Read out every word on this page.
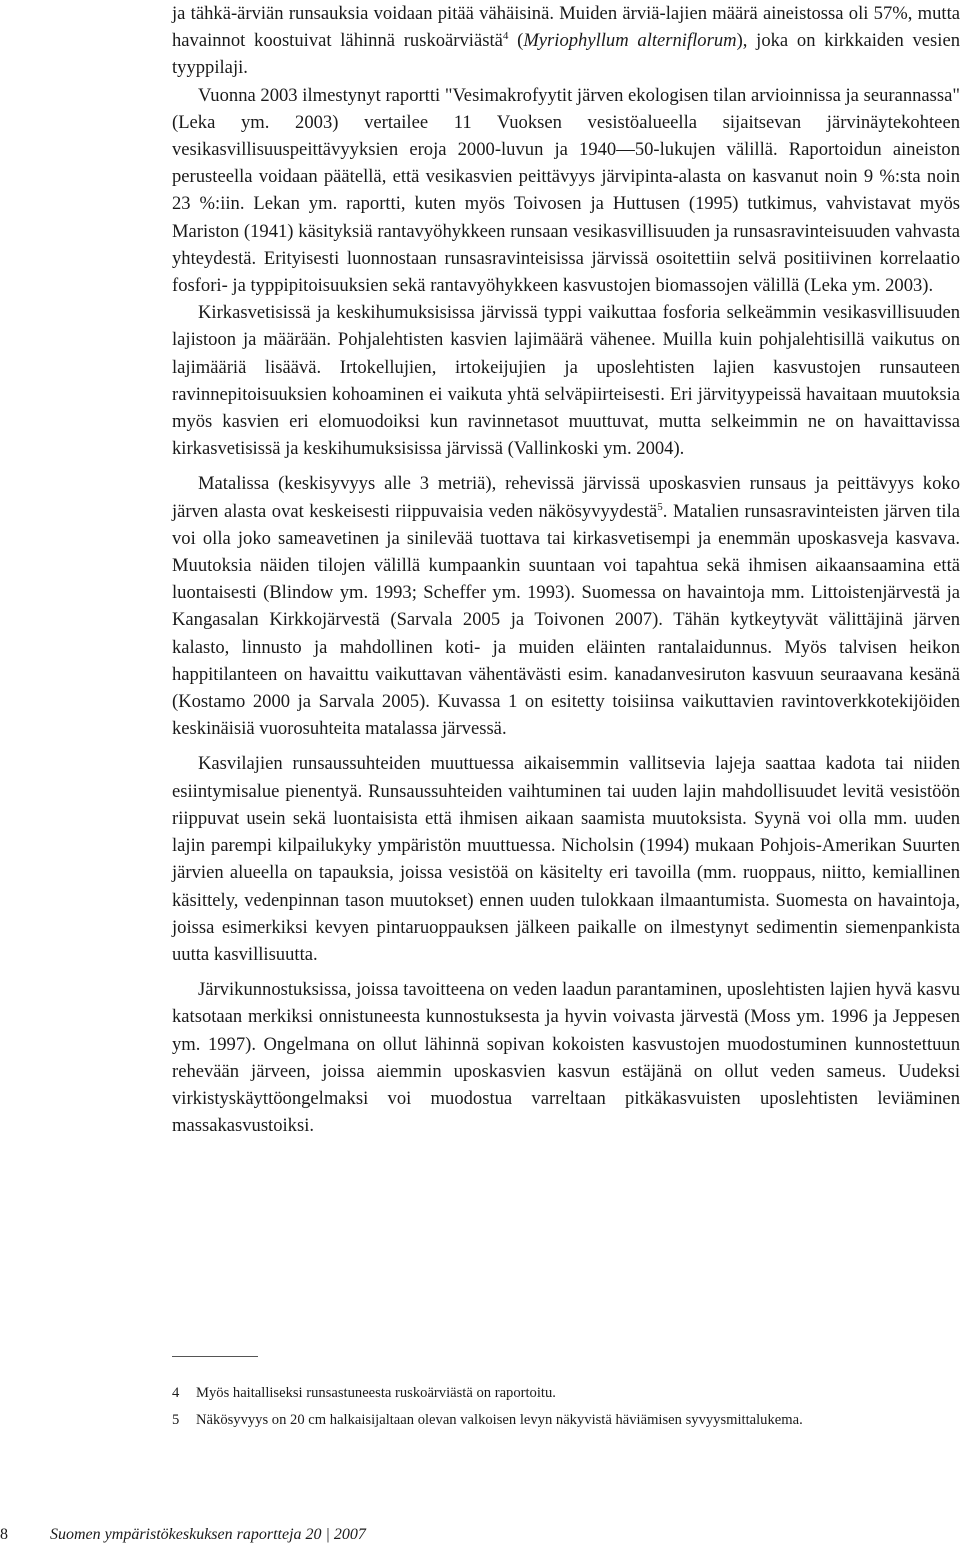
ja tähkä-ärviän runsauksia voidaan pitää vähäisinä. Muiden ärviä-lajien määrä aineistossa oli 57%, mutta havainnot koostuivat lähinnä ruskoärviästä$^4$ (Myriophyllum alterniflorum), joka on kirkkaiden vesien tyyppilaji.

Vuonna 2003 ilmestynyt raportti "Vesimakrofyytit järven ekologisen tilan arvioinnissa ja seurannassa" (Leka ym. 2003) vertailee 11 Vuoksen vesistöalueella sijaitsevan järvinäytekohteen vesikasvillisuuspeittävyyksien eroja 2000-luvun ja 1940—50-lukujen välillä. Raportoidun aineiston perusteella voidaan päätellä, että vesikasvien peittävyys järvipinta-alasta on kasvanut noin 9 %:sta noin 23 %:iin. Lekan ym. raportti, kuten myös Toivosen ja Huttusen (1995) tutkimus, vahvistavat myös Mariston (1941) käsityksiä rantavyöhykkeen runsaan vesikasvillisuuden ja runsasravinteisuuden vahvasta yhteydestä. Erityisesti luonnostaan runsasravinteisissa järvissä osoitettiin selvä positiivinen korrelaatio fosfori- ja typpipitoisuuksien sekä rantavyöhykkeen kasvustojen biomassojen välillä (Leka ym. 2003).

Kirkasvetisissä ja keskihumuksisissa järvissä typpi vaikuttaa fosforia selkeämmin vesikasvillisuuden lajistoon ja määrään. Pohjalehtisten kasvien lajimäärä vähenee. Muilla kuin pohjalehtisillä vaikutus on lajimääriä lisäävä. Irtokellujien, irtokeijujien ja uposlehtisten lajien kasvustojen runsauteen ravinnepitoisuuksien kohoaminen ei vaikuta yhtä selväpiirteisesti. Eri järvityypeissä havaitaan muutoksia myös kasvien eri elomuodoiksi kun ravinnetasot muuttuvat, mutta selkeimmin ne on havaittavissa kirkasvetisissä ja keskihumuksisissa järvissä (Vallinkoski ym. 2004).

Matalissa (keskisyvyys alle 3 metriä), rehevissä järvissä uposkasvien runsaus ja peittävyys koko järven alasta ovat keskeisesti riippuvaisia veden näkösyvyydestä$^5$. Matalien runsasravinteisten järven tila voi olla joko sameavetinen ja sinilevää tuottava tai kirkasvetisempi ja enemmän uposkasveja kasvava. Muutoksia näiden tilojen välillä kumpaankin suuntaan voi tapahtua sekä ihmisen aikaansaamina että luontaisesti (Blindow ym. 1993; Scheffer ym. 1993). Suomessa on havaintoja mm. Littoistenjärvestä ja Kangasalan Kirkkojärvestä (Sarvala 2005 ja Toivonen 2007). Tähän kytkeytyvät välittäjinä järven kalasto, linnusto ja mahdollinen koti- ja muiden eläinten rantalaidunnus. Myös talvisen heikon happitilanteen on havaittu vaikuttavan vähentävästi esim. kanadanvesiruton kasvuun seuraavana kesänä (Kostamo 2000 ja Sarvala 2005). Kuvassa 1 on esitetty toisiinsa vaikuttavien ravintoverkkotekijöiden keskinäisiä vuorosuhteita matalassa järvessä.

Kasvilajien runsaussuhteiden muuttuessa aikaisemmin vallitsevia lajeja saattaa kadota tai niiden esiintymisalue pienentyä. Runsaussuhteiden vaihtuminen tai uuden lajin mahdollisuudet levitä vesistöön riippuvat usein sekä luontaisista että ihmisen aikaan saamista muutoksista. Syynä voi olla mm. uuden lajin parempi kilpailukyky ympäristön muuttuessa. Nicholsin (1994) mukaan Pohjois-Amerikan Suurten järvien alueella on tapauksia, joissa vesistöä on käsitelty eri tavoilla (mm. ruoppaus, niitto, kemiallinen käsittely, vedenpinnan tason muutokset) ennen uuden tulokkaan ilmaantumista. Suomesta on havaintoja, joissa esimerkiksi kevyen pintaruoppauksen jälkeen paikalle on ilmestynyt sedimentin siemenpankista uutta kasvillisuutta.

Järvikunnostuksissa, joissa tavoitteena on veden laadun parantaminen, uposlehtisten lajien hyvä kasvu katsotaan merkiksi onnistuneesta kunnostuksesta ja hyvin voivasta järvestä (Moss ym. 1996 ja Jeppesen ym. 1997). Ongelmana on ollut lähinnä sopivan kokoisten kasvustojen muodostuminen kunnostettuun rehevään järveen, joissa aiemmin uposkasvien kasvun estäjänä on ollut veden sameus. Uudeksi virkistyskäyttöongelmaksi voi muodostua varreltaan pitkäkasvuisten uposlehtisten leviäminen massakasvustoiksi.

4 Myös haitalliseksi runsastuneesta ruskoärviästä on raportoitu.
5 Näkösyvyys on 20 cm halkaisijaltaan olevan valkoisen levyn näkyvistä häviämisen syvyysmittalukema.
8	Suomen ympäristökeskuksen raportteja 20 | 2007
